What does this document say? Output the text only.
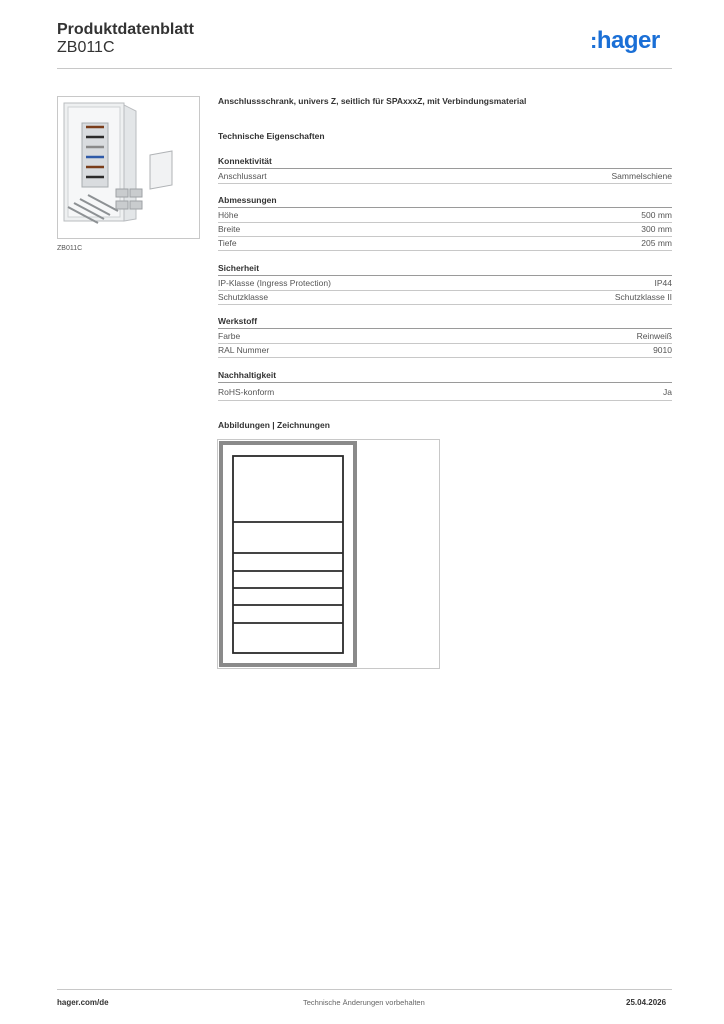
Produktdatenblatt
ZB011C	:hager
ZB011C
Anschlussschrank, univers Z, seitlich für SPAxxxZ, mit Verbindungsmaterial
Technische Eigenschaften
Konnektivität
Anschlussart	Sammelschiene
Abmessungen
Höhe	500 mm
Breite	300 mm
Tiefe	205 mm
Sicherheit
IP-Klasse (Ingress Protection)	IP44
Schutzklasse	Schutzklasse II
Werkstoff
Farbe	Reinweiß
RAL Nummer	9010
Nachhaltigkeit
RoHS-konform	Ja
Abbildungen | Zeichnungen
hager.com/de	Technische Änderungen vorbehalten	25.04.2026
